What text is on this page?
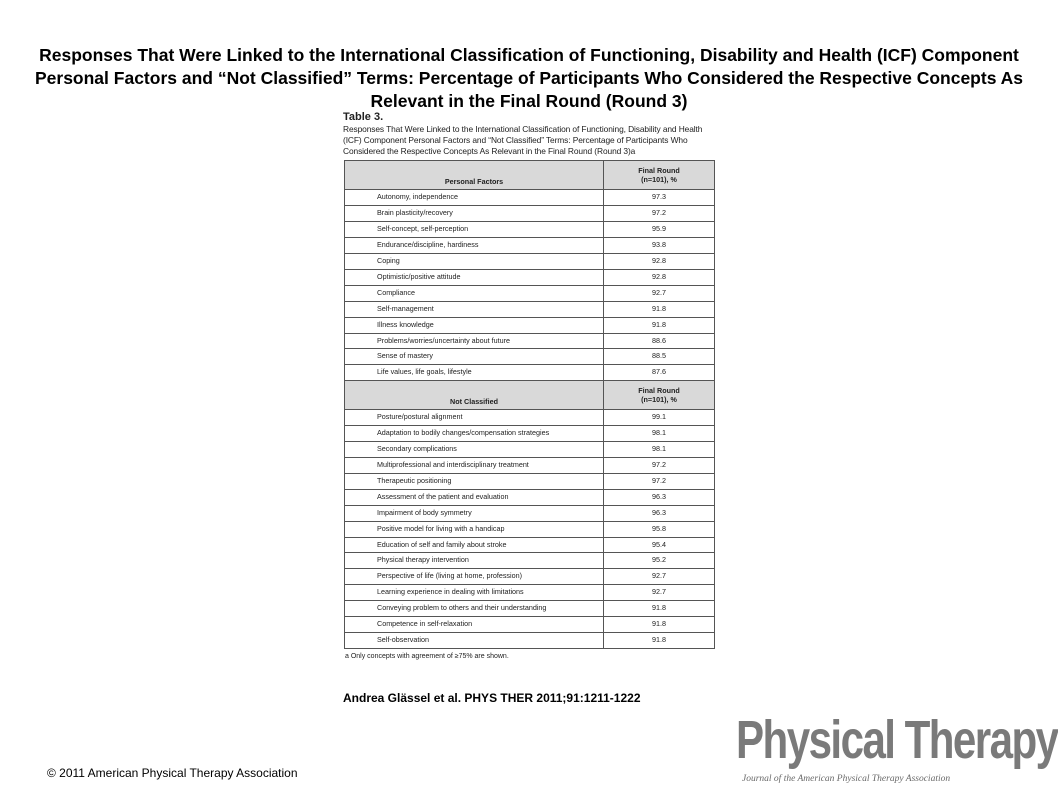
Responses That Were Linked to the International Classification of Functioning, Disability and Health (ICF) Component Personal Factors and “Not Classified” Terms: Percentage of Participants Who Considered the Respective Concepts As Relevant in the Final Round (Round 3)
Table 3.
Responses That Were Linked to the International Classification of Functioning, Disability and Health (ICF) Component Personal Factors and “Not Classified” Terms: Percentage of Participants Who Considered the Respective Concepts As Relevant in the Final Round (Round 3)a
Personal Factors	Final Round
(n=101), %

Autonomy, independence	97.3
Brain plasticity/recovery	97.2
Self-concept, self-perception	95.9
Endurance/discipline, hardiness	93.8
Coping	92.8
Optimistic/positive attitude	92.8
Compliance	92.7
Self-management	91.8
Illness knowledge	91.8
Problems/worries/uncertainty about future	88.6
Sense of mastery	88.5
Life values, life goals, lifestyle	87.6
Not Classified	Final Round
(n=101), %

Posture/postural alignment	99.1
Adaptation to bodily changes/compensation strategies	98.1
Secondary complications	98.1
Multiprofessional and interdisciplinary treatment	97.2
Therapeutic positioning	97.2
Assessment of the patient and evaluation	96.3
Impairment of body symmetry	96.3
Positive model for living with a handicap	95.8
Education of self and family about stroke	95.4
Physical therapy intervention	95.2
Perspective of life (living at home, profession)	92.7
Learning experience in dealing with limitations	92.7
Conveying problem to others and their understanding	91.8
Competence in self-relaxation	91.8
Self-observation	91.8
a Only concepts with agreement of ≥75% are shown.
Andrea Glässel et al. PHYS THER 2011;91:1211-1222
© 2011 American Physical Therapy Association
Physical Therapy
Journal of the American Physical Therapy Association
